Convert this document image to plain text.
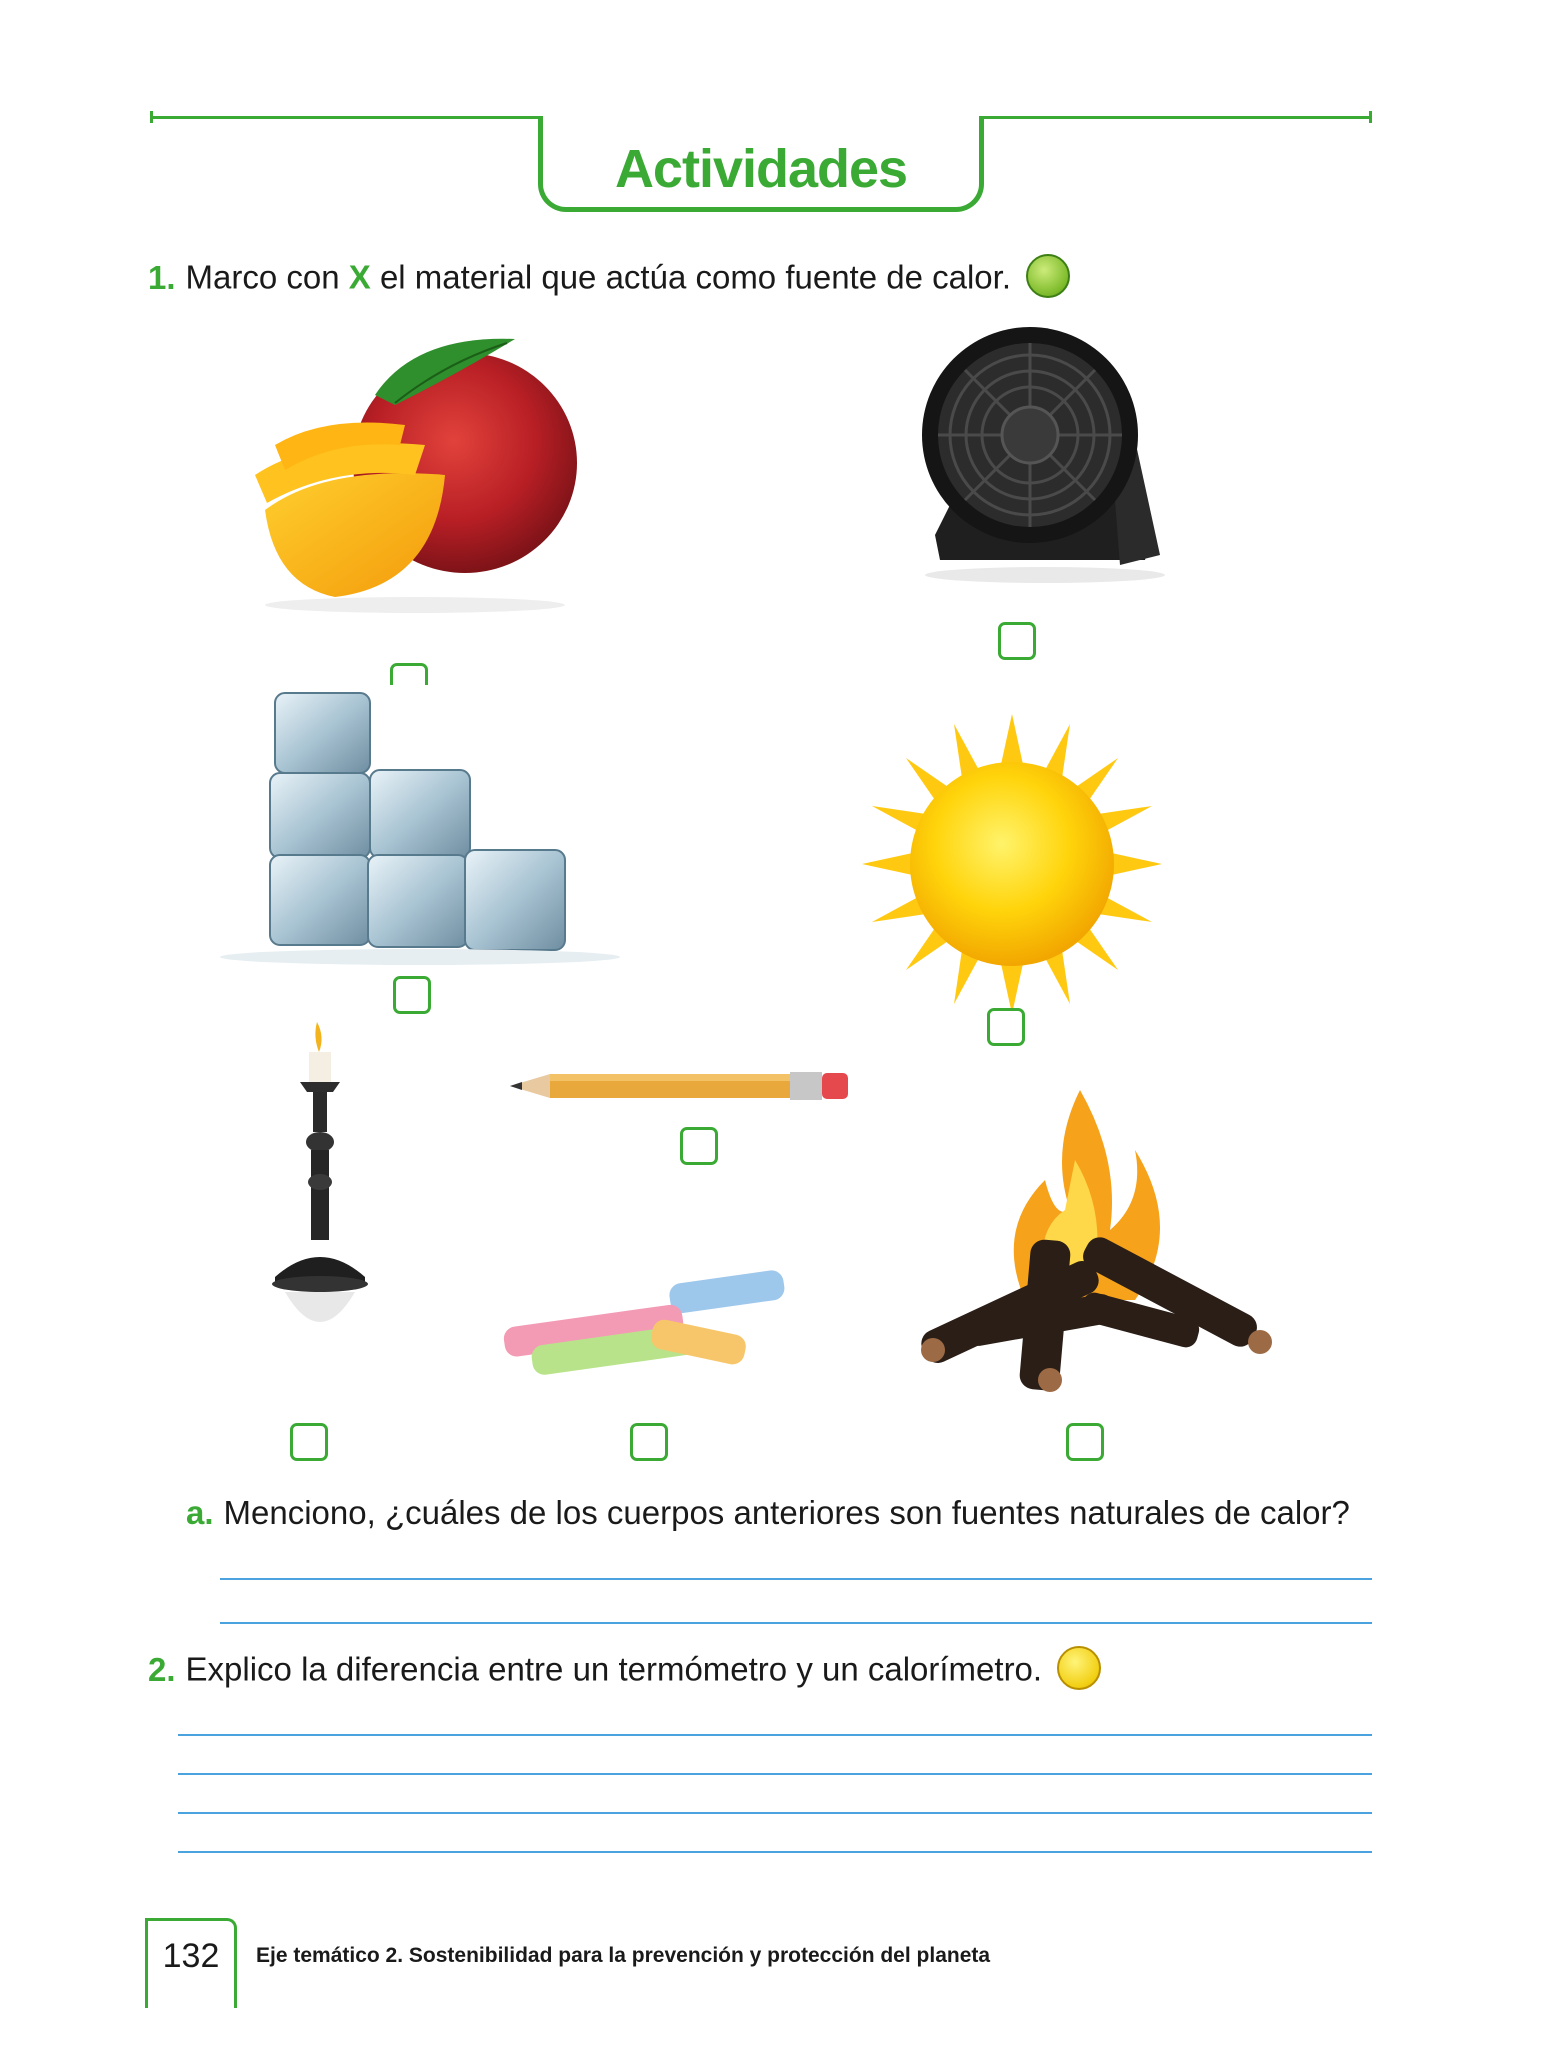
Actividades
1. Marco con X el material que actúa como fuente de calor.
a. Menciono, ¿cuáles de los cuerpos anteriores son fuentes naturales de calor?
2. Explico la diferencia entre un termómetro y un calorímetro.
132	Eje temático 2. Sostenibilidad para la prevención y protección del planeta
